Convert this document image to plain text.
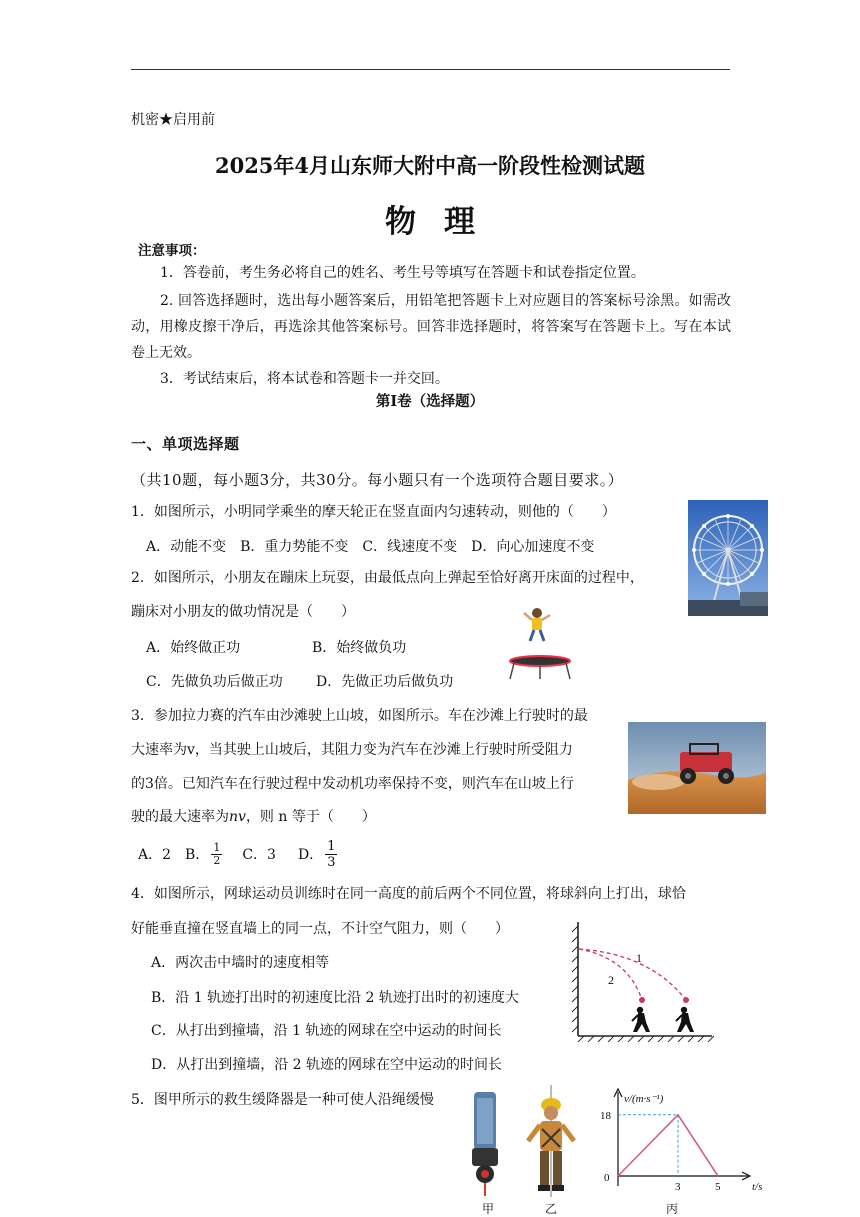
机密★启用前
2025年4月山东师大附中高一阶段性检测试题
物理
注意事项：
1．答卷前，考生务必将自己的姓名、考生号等填写在答题卡和试卷指定位置。
2. 回答选择题时，选出每小题答案后，用铅笔把答题卡上对应题目的答案标号涂黑。如需改动，用橡皮擦干净后，再选涂其他答案标号。回答非选择题时，将答案写在答题卡上。写在本试卷上无效。
3．考试结束后，将本试卷和答题卡一并交回。
第Ⅰ卷（选择题）
一、单项选择题（共10题，每小题3分，共30分。每小题只有一个选项符合题目要求。）
1．如图所示，小明同学乘坐的摩天轮正在竖直面内匀速转动，则他的（　　）
A．动能不变　B．重力势能不变　C．线速度不变　D．向心加速度不变
2．如图所示，小朋友在蹦床上玩耍，由最低点向上弹起至恰好离开床面的过程中，
蹦床对小朋友的做功情况是（　　）
A．始终做正功	B．始终做负功
C．先做负功后做正功 D．先做正功后做负功
3．参加拉力赛的汽车由沙滩驶上山坡，如图所示。车在沙滩上行驶时的最
大速率为v，当其驶上山坡后，其阻力变为汽车在沙滩上行驶时所受阻力
的3倍。已知汽车在行驶过程中发动机功率保持不变，则汽车在山坡上行
驶的最大速率为nv，则 n 等于（　　）
A．2 B． $\frac{1}{2}$ C．3 D． $\frac{1}{3}$
4．如图所示，网球运动员训练时在同一高度的前后两个不同位置，将球斜向上打出，球恰
好能垂直撞在竖直墙上的同一点，不计空气阻力，则（　　）
A．两次击中墙时的速度相等
B．沿 1 轨迹打出时的初速度比沿 2 轨迹打出时的初速度大
C．从打出到撞墙，沿 1 轨迹的网球在空中运动的时间长
D．从打出到撞墙，沿 2 轨迹的网球在空中运动的时间长
1
2
5．图甲所示的救生缓降器是一种可使人沿绳缓慢
18
3	5
v/(m·s⁻¹)
t/s
0
甲	乙	丙
